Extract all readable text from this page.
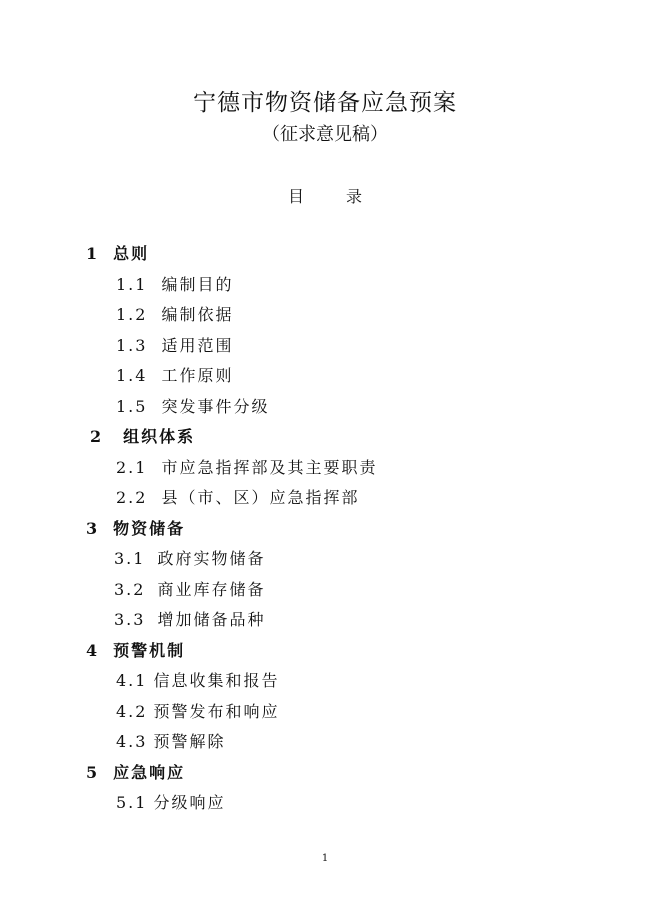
宁德市物资储备应急预案
（征求意见稿）
目录
1 总则
1.1 编制目的
1.2 编制依据
1.3 适用范围
1.4 工作原则
1.5 突发事件分级
2 组织体系
2.1 市应急指挥部及其主要职责
2.2 县（市、区）应急指挥部
3 物资储备
3.1 政府实物储备
3.2 商业库存储备
3.3 增加储备品种
4 预警机制
4.1 信息收集和报告
4.2 预警发布和响应
4.3 预警解除
5 应急响应
5.1 分级响应
1
